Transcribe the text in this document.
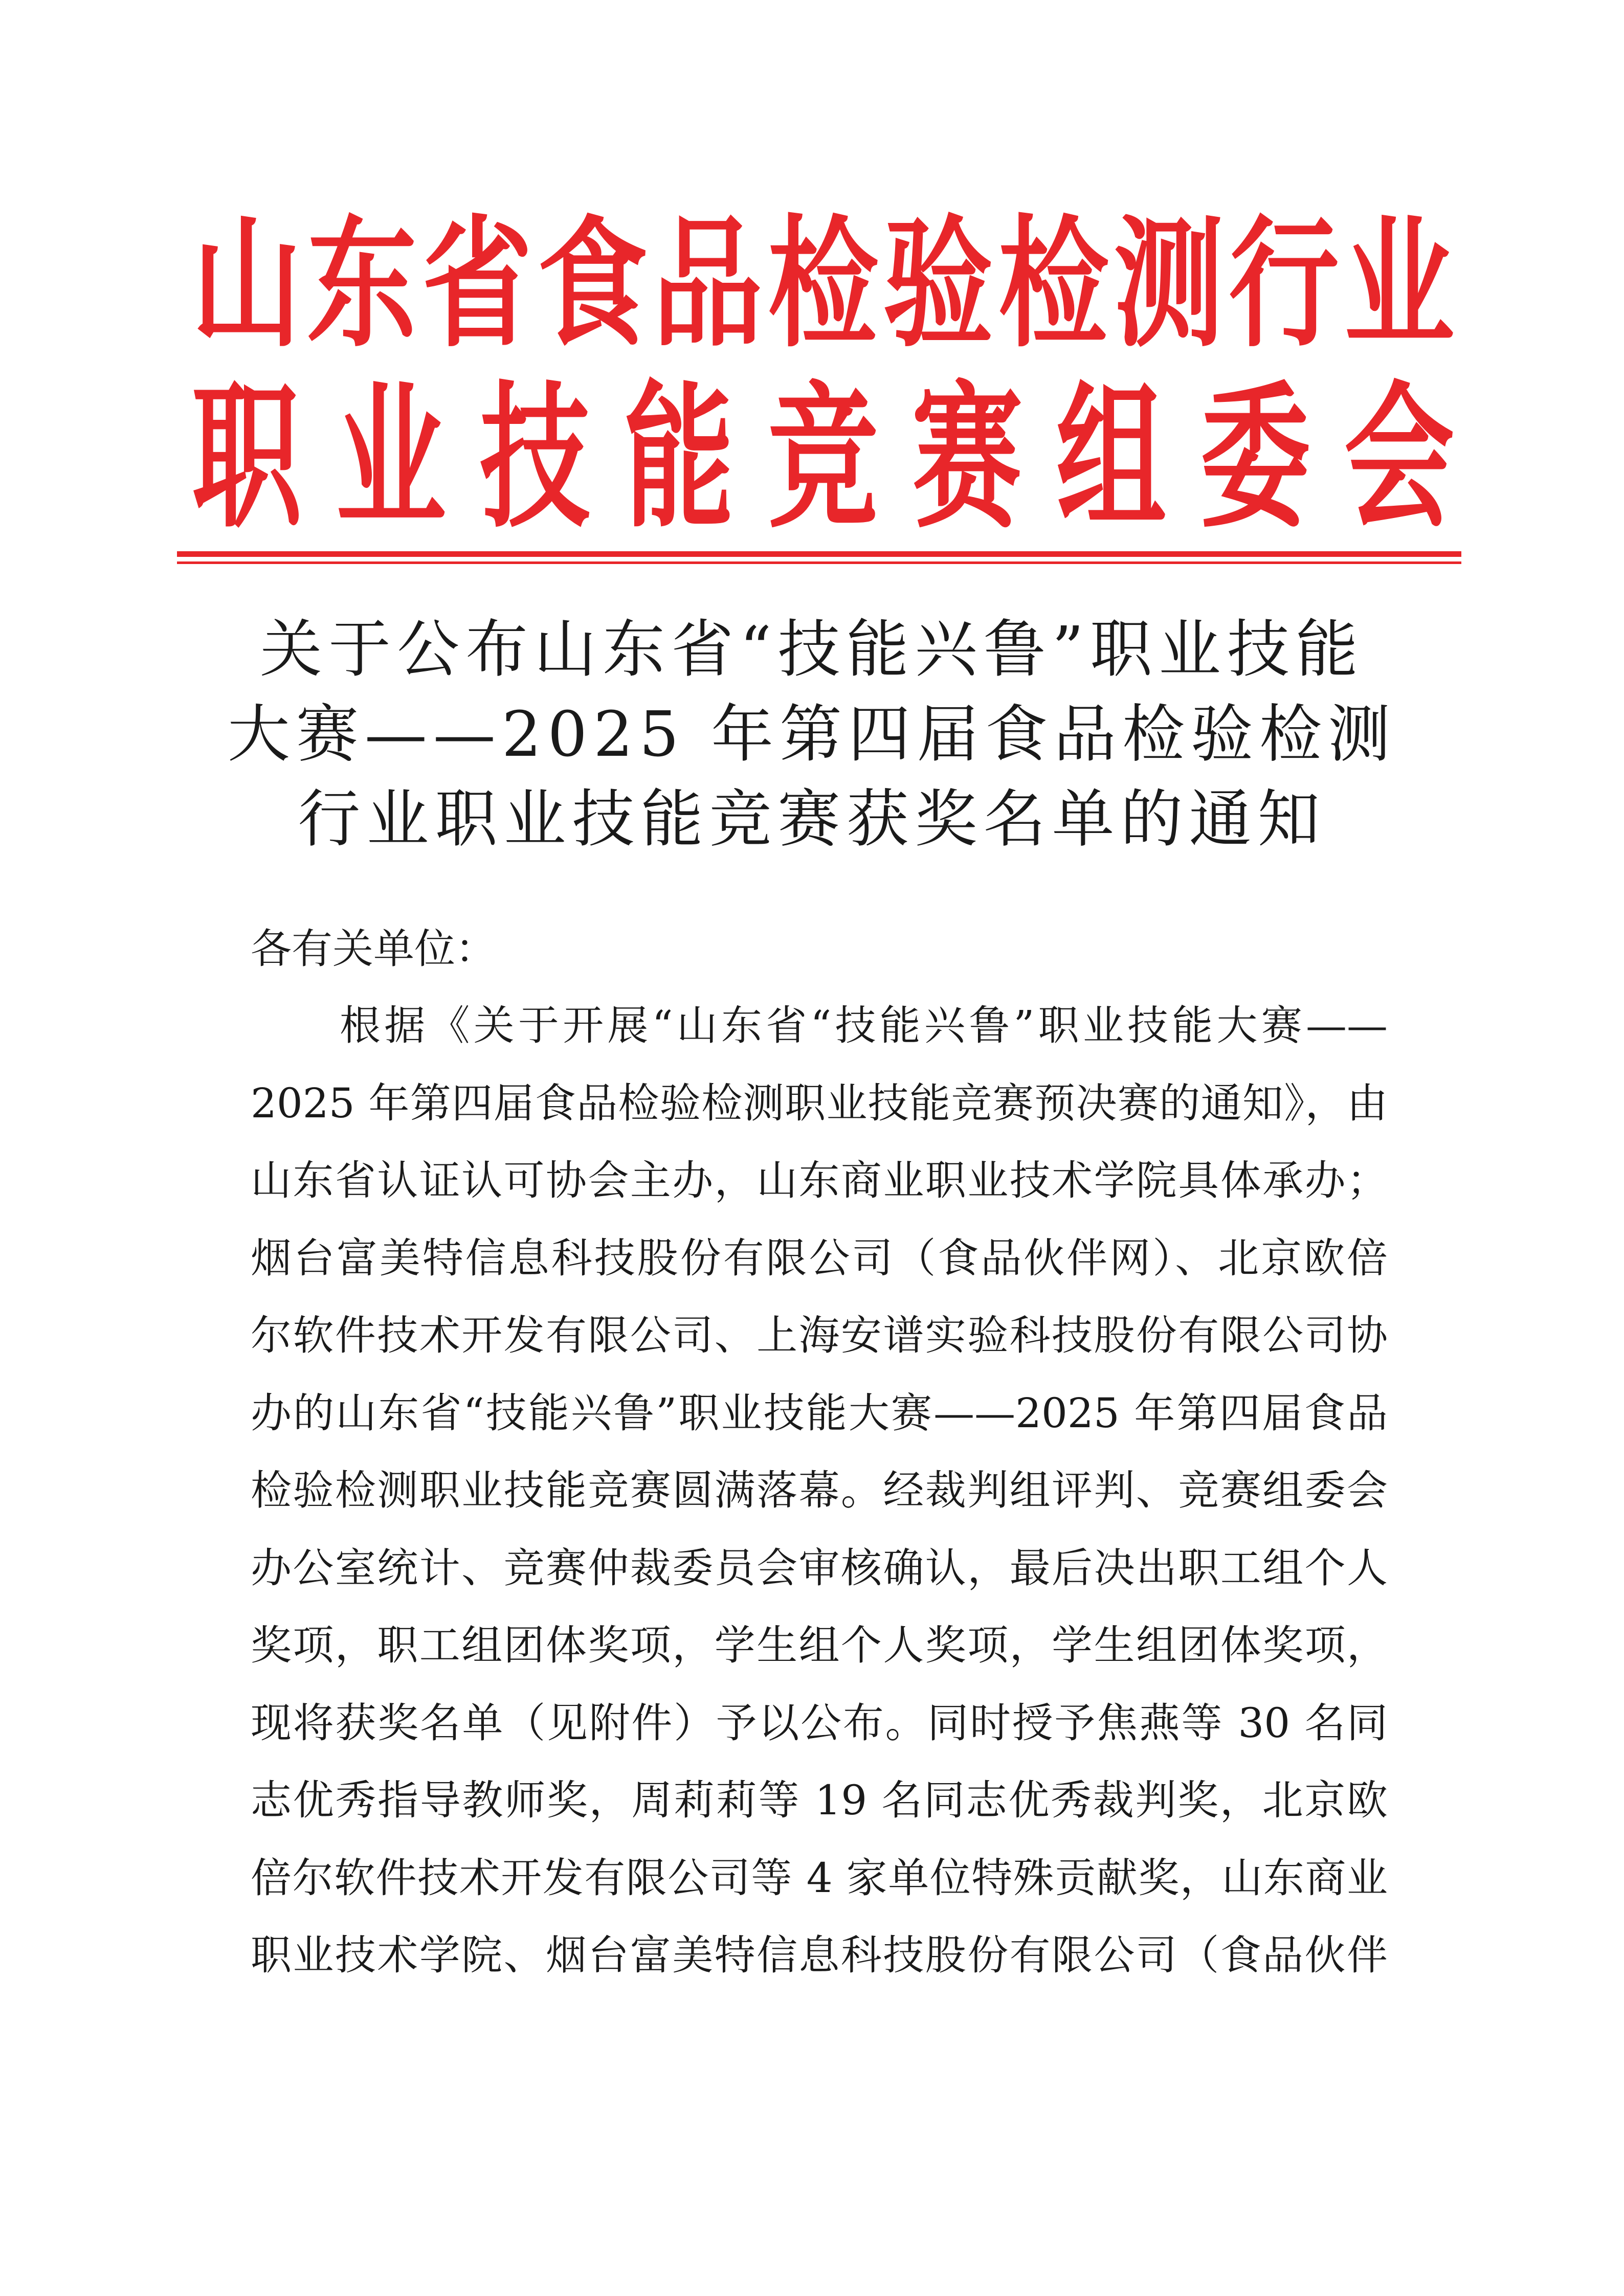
山东省食品检验检测行业
职业技能竞赛组委会
关于公布山东省“技能兴鲁”职业技能
大赛——2025 年第四届食品检验检测
行业职业技能竞赛获奖名单的通知
各有关单位：
根据《关于开展“山东省“技能兴鲁”职业技能大赛——
2025 年第四届食品检验检测职业技能竞赛预决赛的通知》，由
山东省认证认可协会主办，山东商业职业技术学院具体承办；
烟台富美特信息科技股份有限公司（食品伙伴网）、北京欧倍
尔软件技术开发有限公司、上海安谱实验科技股份有限公司协
办的山东省“技能兴鲁”职业技能大赛——2025 年第四届食品
检验检测职业技能竞赛圆满落幕。经裁判组评判、竞赛组委会
办公室统计、竞赛仲裁委员会审核确认，最后决出职工组个人
奖项，职工组团体奖项，学生组个人奖项，学生组团体奖项，
现将获奖名单（见附件）予以公布。同时授予焦燕等 30 名同
志优秀指导教师奖，周莉莉等 19 名同志优秀裁判奖，北京欧
倍尔软件技术开发有限公司等 4 家单位特殊贡献奖，山东商业
职业技术学院、烟台富美特信息科技股份有限公司（食品伙伴
